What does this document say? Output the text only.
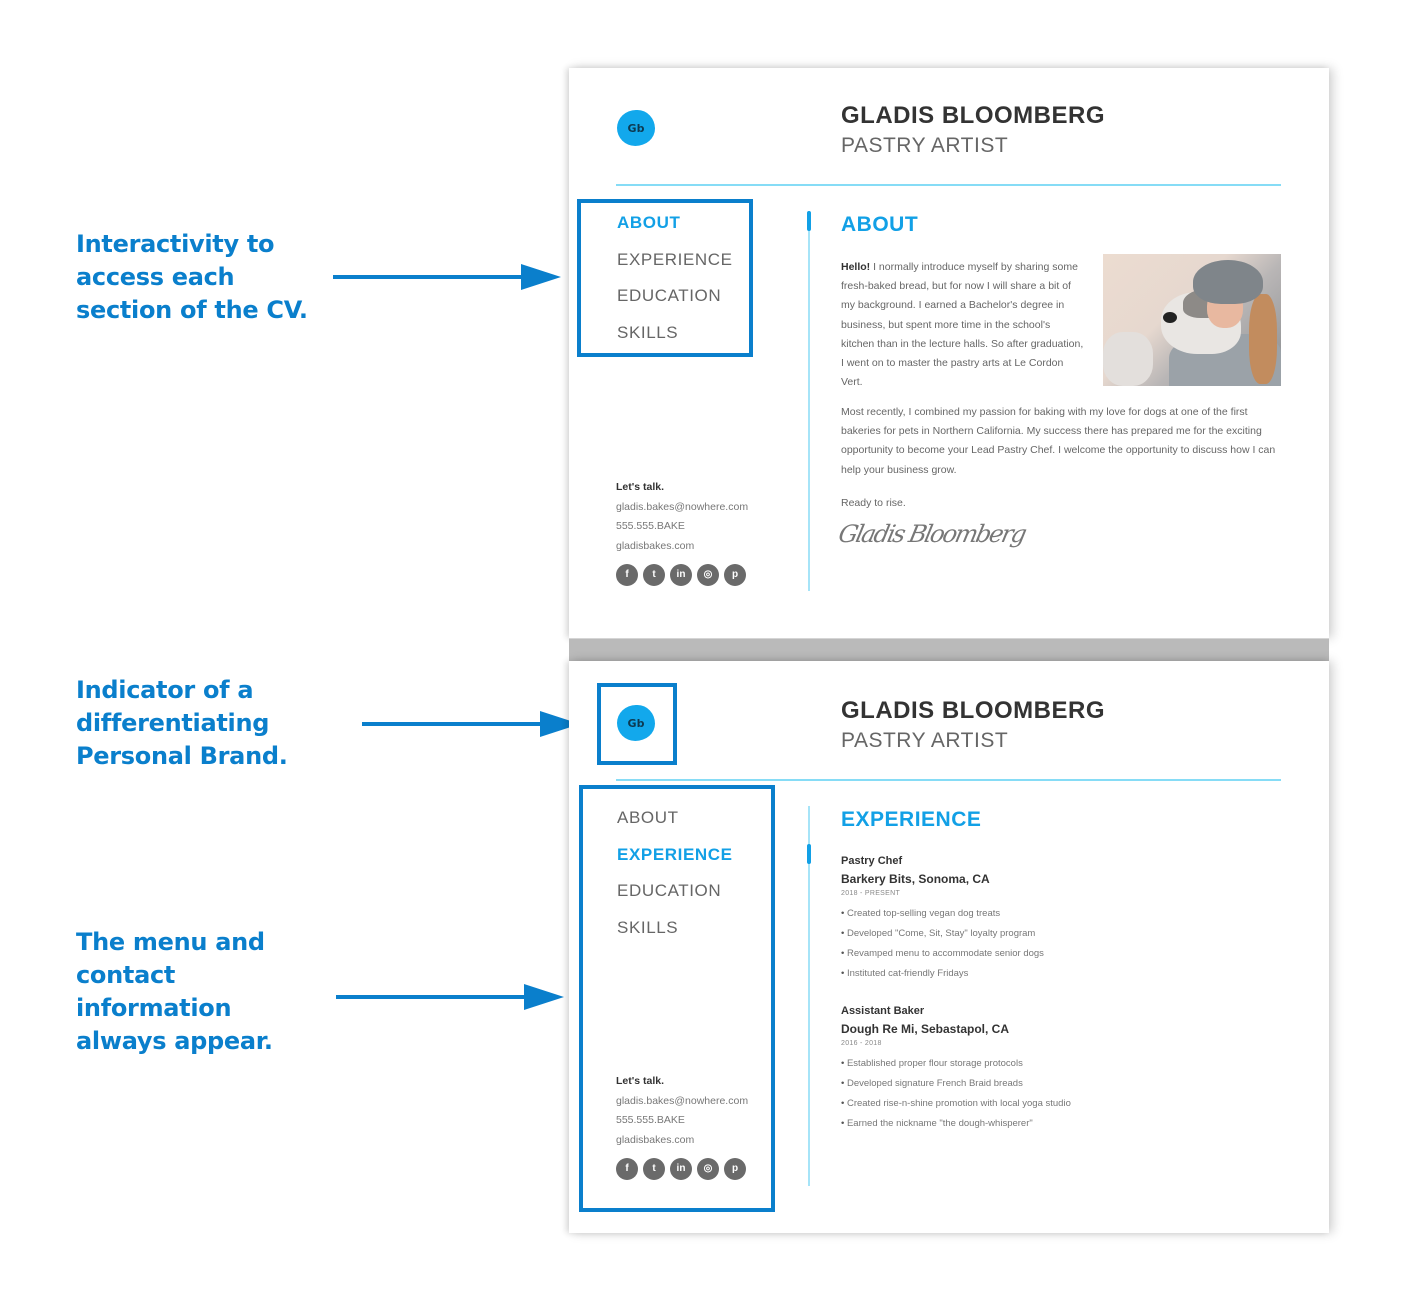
Interactivity to
access each
section of the CV.
Indicator of a
differentiating
Personal Brand.
The menu and
contact
information
always appear.
Gb	GLADIS BLOOMBERG
PASTRY ARTIST
ABOUT
EXPERIENCE
EDUCATION
SKILLS
Let's talk.
gladis.bakes@nowhere.com
555.555.BAKE
gladisbakes.com
f	t	in	◎	p
ABOUT
Hello! I normally introduce myself by sharing some fresh-baked bread, but for now I will share a bit of my background. I earned a Bachelor's degree in business, but spent more time in the school's kitchen than in the lecture halls. So after graduation, I went on to master the pastry arts at Le Cordon Vert.
Most recently, I combined my passion for baking with my love for dogs at one of the first bakeries for pets in Northern California. My success there has prepared me for the exciting opportunity to become your Lead Pastry Chef. I welcome the opportunity to discuss how I can help your business grow.
Ready to rise.
Gladis Bloomberg
Gb	GLADIS BLOOMBERG
PASTRY ARTIST
ABOUT
EXPERIENCE
EDUCATION
SKILLS
Let's talk.
gladis.bakes@nowhere.com
555.555.BAKE
gladisbakes.com
f	t	in	◎	p
EXPERIENCE
Pastry Chef
Barkery Bits, Sonoma, CA
2018 - PRESENT
• Created top-selling vegan dog treats
• Developed "Come, Sit, Stay" loyalty program
• Revamped menu to accommodate senior dogs
• Instituted cat-friendly Fridays
Assistant Baker
Dough Re Mi, Sebastapol, CA
2016 - 2018
• Established proper flour storage protocols
• Developed signature French Braid breads
• Created rise-n-shine promotion with local yoga studio
• Earned the nickname "the dough-whisperer"
